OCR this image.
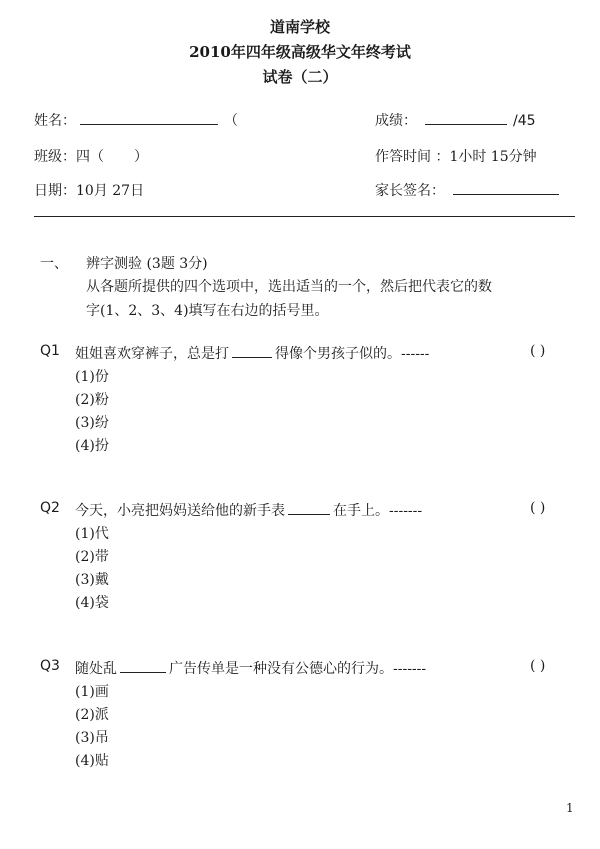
道南学校
2010年四年级高级华文年终考试
试卷（二）
姓名：	（	成绩：	/45
班级：四（ ）	作答时间 ：1小时 15分钟
日期：10月 27日	家长签名：
一、 辨字测验 (3题 3分)
从各题所提供的四个选项中，选出适当的一个，然后把代表它的数
字(1、2、3、4)填写在右边的括号里。
Q1 姐姐喜欢穿裤子，总是打	得像个男孩子似的。------	( )
(1)份
(2)粉
(3)纷
(4)扮
Q2 今天，小亮把妈妈送给他的新手表	在手上。-------	( )
(1)代
(2)带
(3)戴
(4)袋
Q3 随处乱	广告传单是一种没有公德心的行为。-------	( )
(1)画
(2)派
(3)吊
(4)贴
1
